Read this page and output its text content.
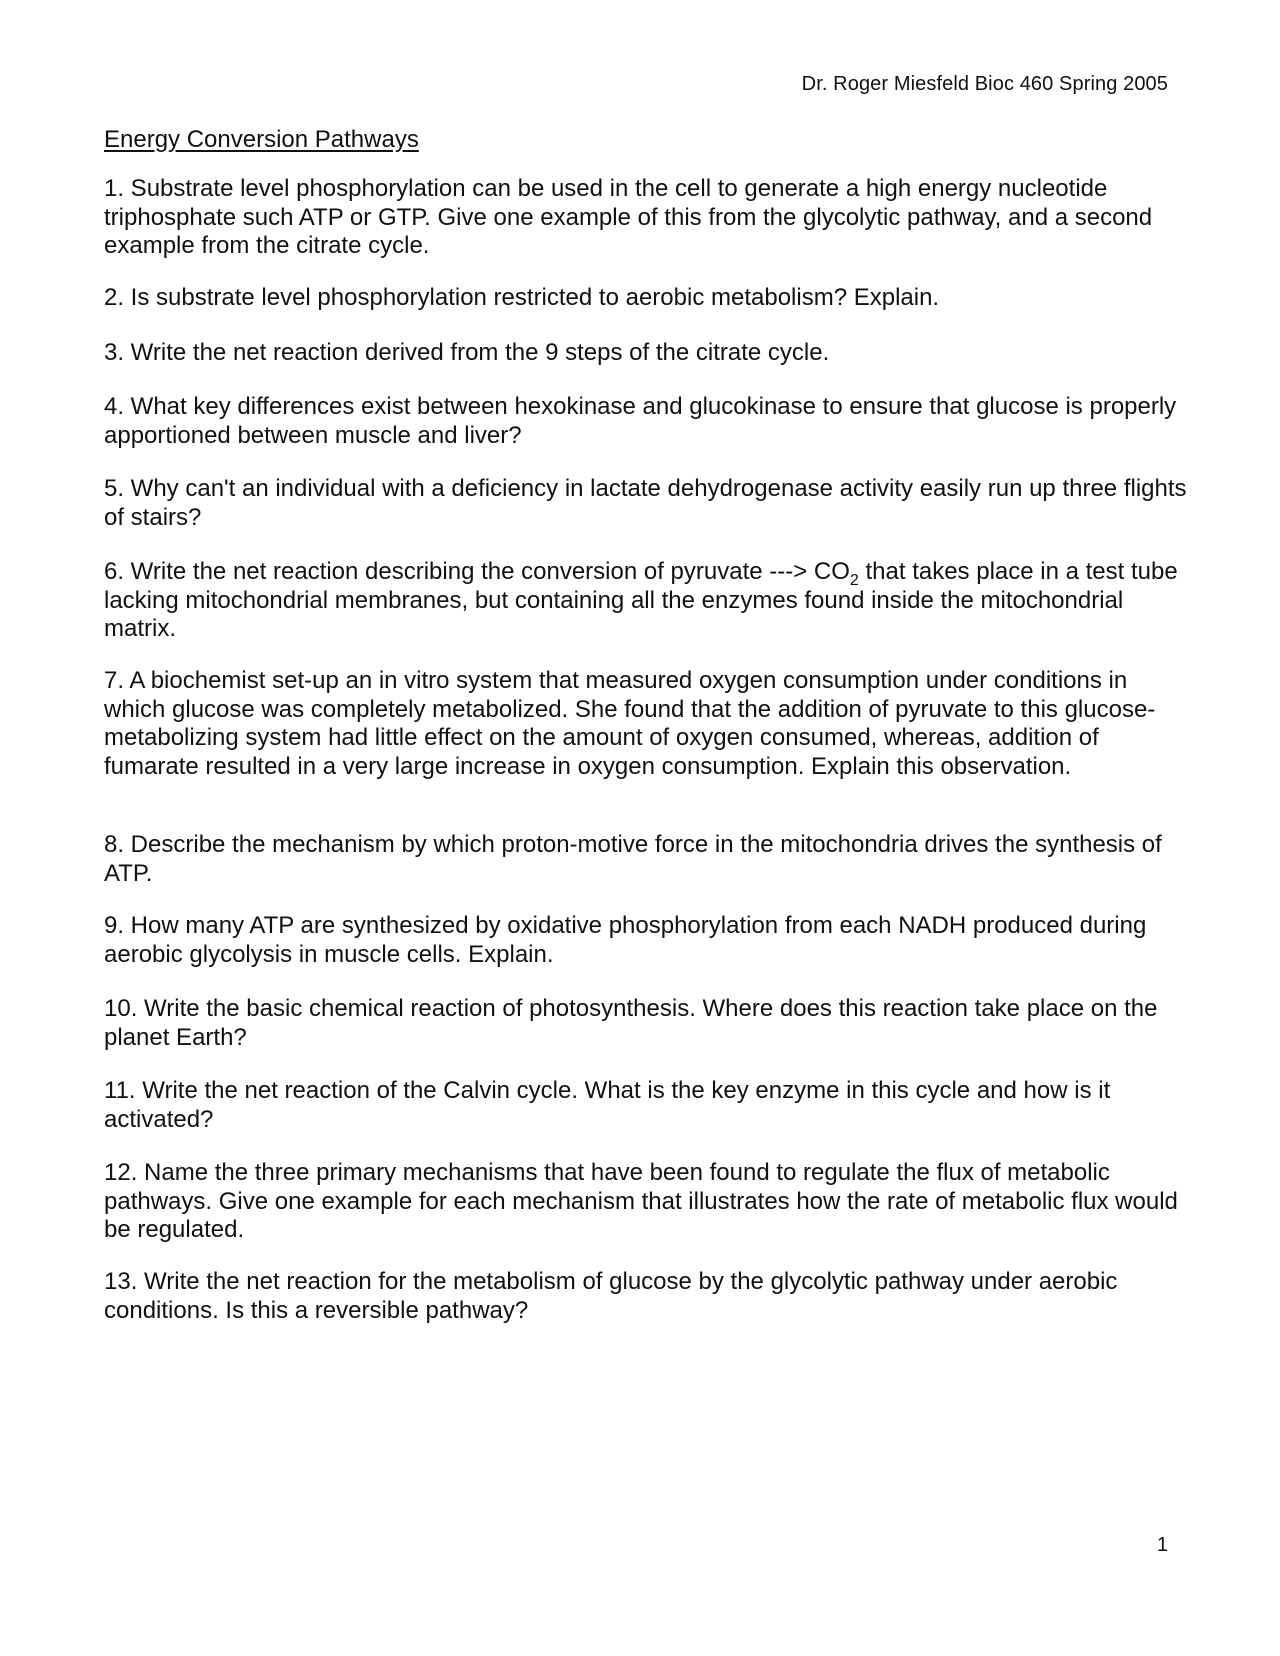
Dr. Roger Miesfeld Bioc 460 Spring 2005
Energy Conversion Pathways

1. Substrate level phosphorylation can be used in the cell to generate a high energy nucleotide triphosphate such ATP or GTP. Give one example of this from the glycolytic pathway, and a second example from the citrate cycle.

2. Is substrate level phosphorylation restricted to aerobic metabolism? Explain.

3. Write the net reaction derived from the 9 steps of the citrate cycle.

4. What key differences exist between hexokinase and glucokinase to ensure that glucose is properly apportioned between muscle and liver?

5. Why can't an individual with a deficiency in lactate dehydrogenase activity easily run up three flights of stairs?

6. Write the net reaction describing the conversion of pyruvate ---> $CO_2$ that takes place in a test tube lacking mitochondrial membranes, but containing all the enzymes found inside the mitochondrial matrix.

7. A biochemist set-up an in vitro system that measured oxygen consumption under conditions in which glucose was completely metabolized. She found that the addition of pyruvate to this glucose-metabolizing system had little effect on the amount of oxygen consumed, whereas, addition of fumarate resulted in a very large increase in oxygen consumption. Explain this observation.

8. Describe the mechanism by which proton-motive force in the mitochondria drives the synthesis of ATP.

9. How many ATP are synthesized by oxidative phosphorylation from each NADH produced during aerobic glycolysis in muscle cells. Explain.

10. Write the basic chemical reaction of photosynthesis. Where does this reaction take place on the planet Earth?

11. Write the net reaction of the Calvin cycle. What is the key enzyme in this cycle and how is it activated?

12. Name the three primary mechanisms that have been found to regulate the flux of metabolic pathways. Give one example for each mechanism that illustrates how the rate of metabolic flux would be regulated.

13. Write the net reaction for the metabolism of glucose by the glycolytic pathway under aerobic conditions. Is this a reversible pathway?

1
